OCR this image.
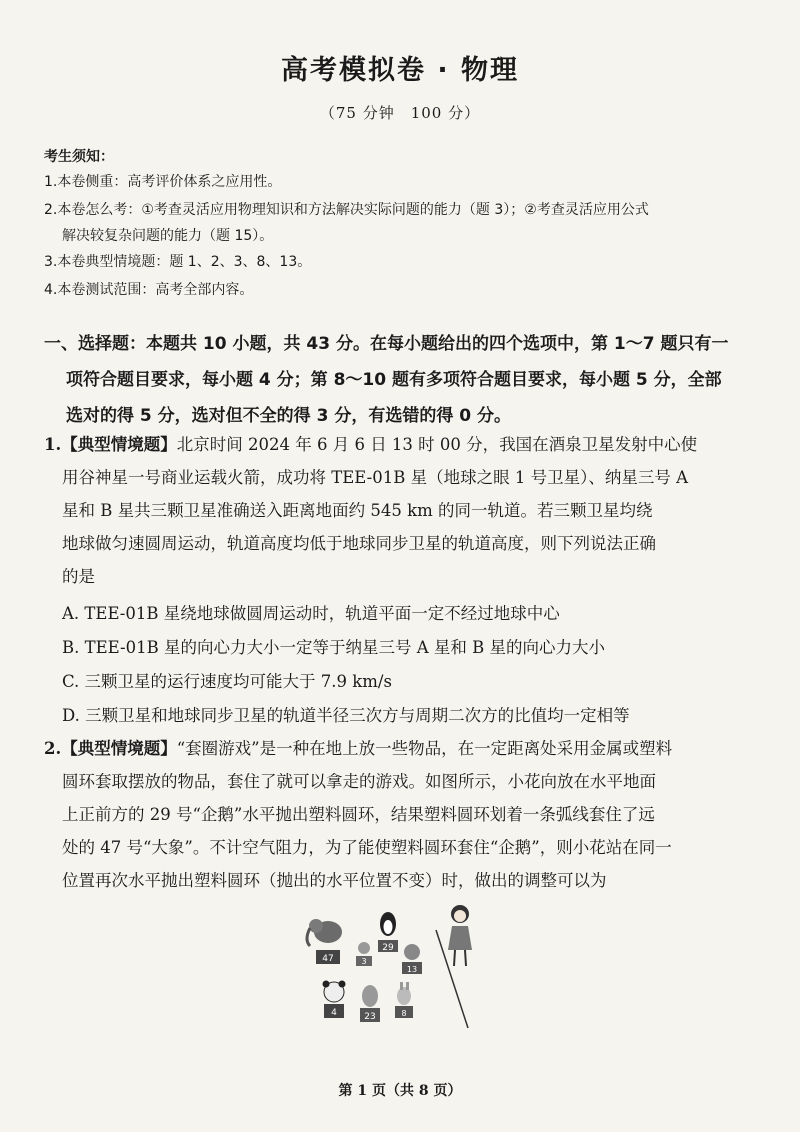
高考模拟卷 · 物理
（75 分钟　100 分）
考生须知：
1.本卷侧重：高考评价体系之应用性。
2.本卷怎么考：①考查灵活应用物理知识和方法解决实际问题的能力（题 3）；②考查灵活应用公式
解决较复杂问题的能力（题 15）。
3.本卷典型情境题：题 1、2、3、8、13。
4.本卷测试范围：高考全部内容。
一、选择题：本题共 10 小题，共 43 分。在每小题给出的四个选项中，第 1～7 题只有一
项符合题目要求，每小题 4 分；第 8～10 题有多项符合题目要求，每小题 5 分，全部
选对的得 5 分，选对但不全的得 3 分，有选错的得 0 分。
1.【典型情境题】北京时间 2024 年 6 月 6 日 13 时 00 分，我国在酒泉卫星发射中心使
用谷神星一号商业运载火箭，成功将 TEE-01B 星（地球之眼 1 号卫星）、纳星三号 A
星和 B 星共三颗卫星准确送入距离地面约 545 km 的同一轨道。若三颗卫星均绕
地球做匀速圆周运动，轨道高度均低于地球同步卫星的轨道高度，则下列说法正确
的是
A. TEE-01B 星绕地球做圆周运动时，轨道平面一定不经过地球中心
B. TEE-01B 星的向心力大小一定等于纳星三号 A 星和 B 星的向心力大小
C. 三颗卫星的运行速度均可能大于 7.9 km/s
D. 三颗卫星和地球同步卫星的轨道半径三次方与周期二次方的比值均一定相等
2.【典型情境题】“套圈游戏”是一种在地上放一些物品，在一定距离处采用金属或塑料
圆环套取摆放的物品，套住了就可以拿走的游戏。如图所示，小花向放在水平地面
上正前方的 29 号“企鹅”水平抛出塑料圆环，结果塑料圆环划着一条弧线套住了远
处的 47 号“大象”。不计空气阻力，为了能使塑料圆环套住“企鹅”，则小花站在同一
位置再次水平抛出塑料圆环（抛出的水平位置不变）时，做出的调整可以为
47
29
3
13
4	23	8
第 1 页（共 8 页）
